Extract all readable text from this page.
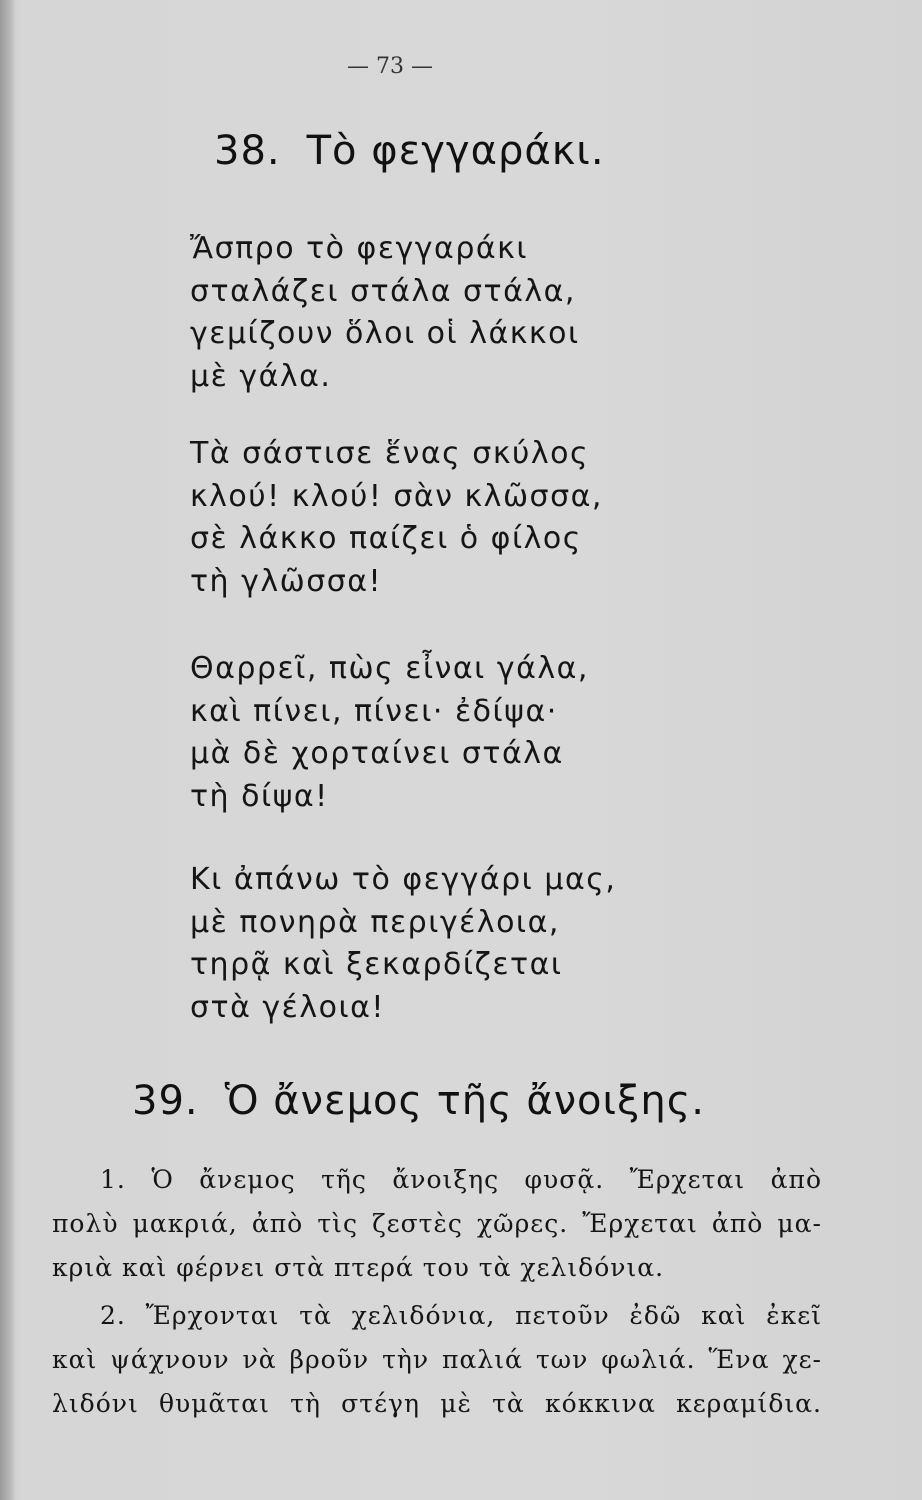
— 73 —
38. Τὸ φεγγαράκι.
Ἄσπρο τὸ φεγγαράκι
σταλάζει στάλα στάλα,
γεμίζουν ὅλοι οἱ λάκκοι
μὲ γάλα.
Τὰ σάστισε ἕνας σκύλος
κλού! κλού! σὰν κλῶσσα,
σὲ λάκκο παίζει ὁ φίλος
τὴ γλῶσσα!
Θαρρεῖ, πὼς εἶναι γάλα,
καὶ πίνει, πίνει· ἐδίψα·
μὰ δὲ χορταίνει στάλα
τὴ δίψα!
Κι ἀπάνω τὸ φεγγάρι μας,
μὲ πονηρὰ περιγέλοια,
τηρᾷ καὶ ξεκαρδίζεται
στὰ γέλοια!
39. Ὁ ἄνεμος τῆς ἄνοιξης.
1. Ὁ ἄνεμος τῆς ἄνοιξης φυσᾷ. Ἔρχεται ἀπὸ
πολὺ μακριά, ἀπὸ τὶς ζεστὲς χῶρες. Ἔρχεται ἀπὸ μα-
κριὰ καὶ φέρνει στὰ πτερά του τὰ χελιδόνια.
2. Ἔρχονται τὰ χελιδόνια, πετοῦν ἐδῶ καὶ ἐκεῖ
καὶ ψάχνουν νὰ βροῦν τὴν παλιά των φωλιά. Ἕνα χε-
λιδόνι θυμᾶται τὴ στέγη μὲ τὰ κόκκινα κεραμίδια.
